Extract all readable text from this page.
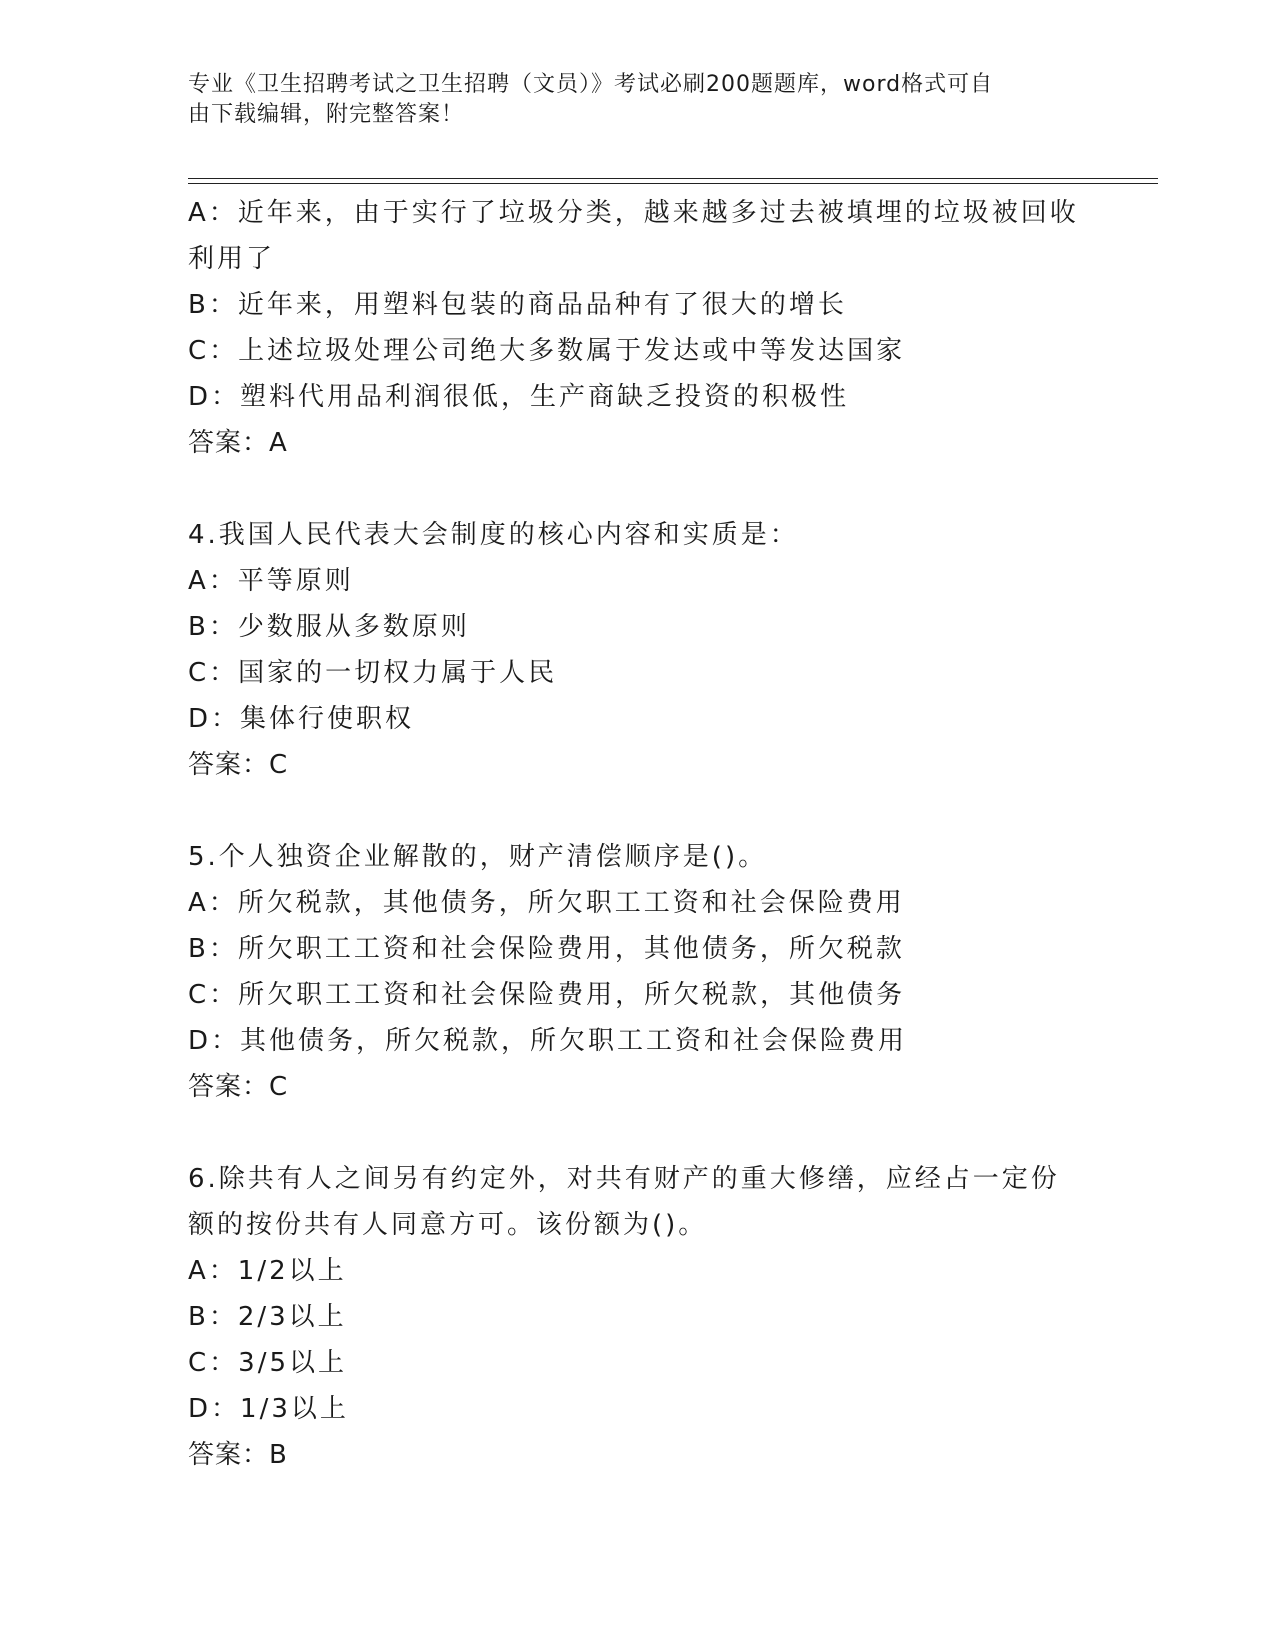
专业《卫生招聘考试之卫生招聘（文员）》考试必刷200题题库，word格式可自
由下载编辑，附完整答案！
A：近年来，由于实行了垃圾分类，越来越多过去被填埋的垃圾被回收
利用了
B：近年来，用塑料包装的商品品种有了很大的增长
C：上述垃圾处理公司绝大多数属于发达或中等发达国家
D：塑料代用品利润很低，生产商缺乏投资的积极性
答案：A
4.我国人民代表大会制度的核心内容和实质是：
A：平等原则
B：少数服从多数原则
C：国家的一切权力属于人民
D：集体行使职权
答案：C
5.个人独资企业解散的，财产清偿顺序是()。
A：所欠税款，其他债务，所欠职工工资和社会保险费用
B：所欠职工工资和社会保险费用，其他债务，所欠税款
C：所欠职工工资和社会保险费用，所欠税款，其他债务
D：其他债务，所欠税款，所欠职工工资和社会保险费用
答案：C
6.除共有人之间另有约定外，对共有财产的重大修缮，应经占一定份
额的按份共有人同意方可。该份额为()。
A：1/2以上
B：2/3以上
C：3/5以上
D：1/3以上
答案：B
